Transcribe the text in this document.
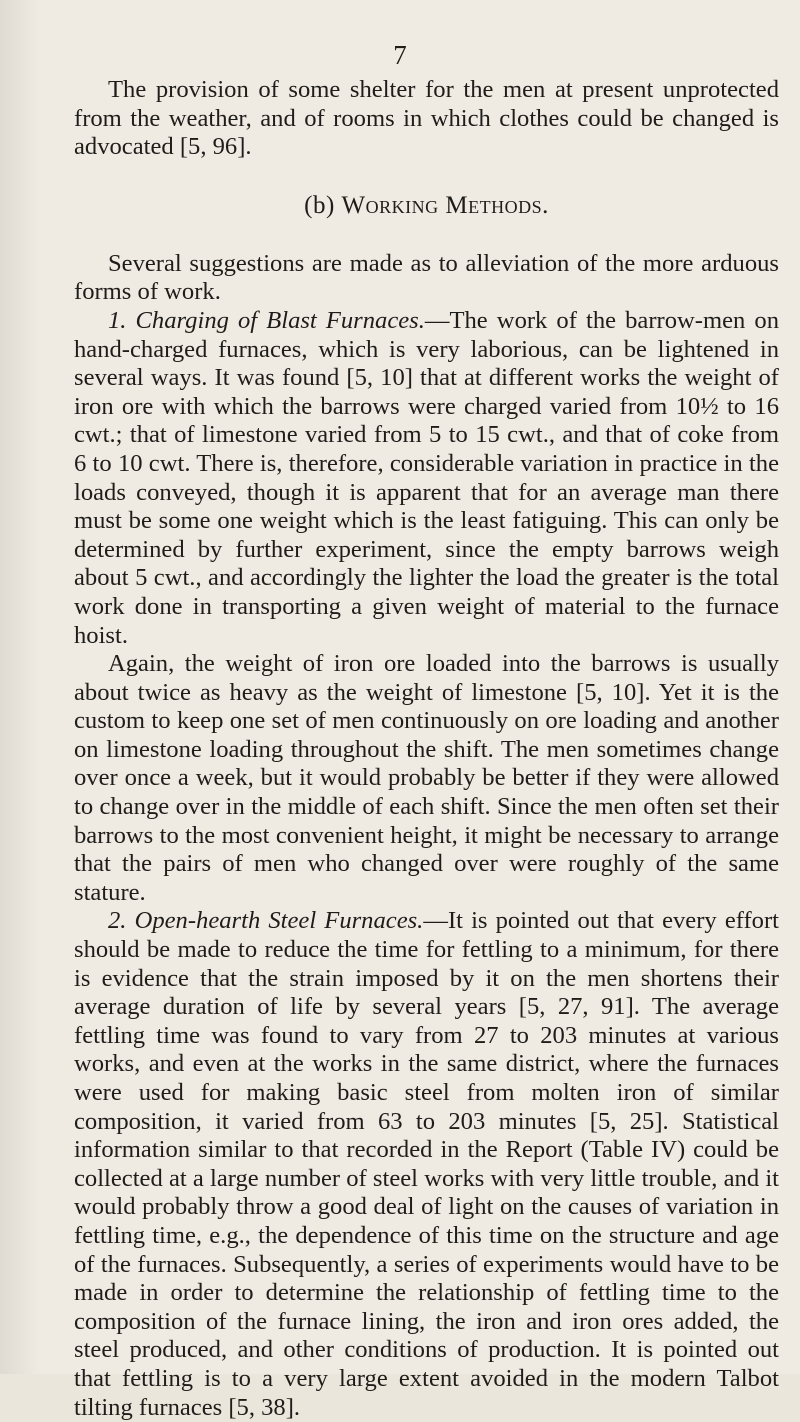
7

The provision of some shelter for the men at present unprotected from the weather, and of rooms in which clothes could be changed is advocated [5, 96].

(b) Working Methods.

Several suggestions are made as to alleviation of the more arduous forms of work.

1. Charging of Blast Furnaces.—The work of the barrow-men on hand-charged furnaces, which is very laborious, can be lightened in several ways. It was found [5, 10] that at different works the weight of iron ore with which the barrows were charged varied from 10½ to 16 cwt.; that of limestone varied from 5 to 15 cwt., and that of coke from 6 to 10 cwt. There is, therefore, considerable variation in practice in the loads conveyed, though it is apparent that for an average man there must be some one weight which is the least fatiguing. This can only be determined by further experiment, since the empty barrows weigh about 5 cwt., and accordingly the lighter the load the greater is the total work done in transporting a given weight of material to the furnace hoist.

Again, the weight of iron ore loaded into the barrows is usually about twice as heavy as the weight of limestone [5, 10]. Yet it is the custom to keep one set of men continuously on ore loading and another on limestone loading throughout the shift. The men sometimes change over once a week, but it would probably be better if they were allowed to change over in the middle of each shift. Since the men often set their barrows to the most convenient height, it might be necessary to arrange that the pairs of men who changed over were roughly of the same stature.

2. Open-hearth Steel Furnaces.—It is pointed out that every effort should be made to reduce the time for fettling to a minimum, for there is evidence that the strain imposed by it on the men shortens their average duration of life by several years [5, 27, 91]. The average fettling time was found to vary from 27 to 203 minutes at various works, and even at the works in the same district, where the furnaces were used for making basic steel from molten iron of similar composition, it varied from 63 to 203 minutes [5, 25]. Statistical information similar to that recorded in the Report (Table IV) could be collected at a large number of steel works with very little trouble, and it would probably throw a good deal of light on the causes of variation in fettling time, e.g., the dependence of this time on the structure and age of the furnaces. Subsequently, a series of experiments would have to be made in order to determine the relationship of fettling time to the composition of the furnace lining, the iron and iron ores added, the steel produced, and other conditions of production. It is pointed out that fettling is to a very large extent avoided in the modern Talbot tilting furnaces [5, 38].
